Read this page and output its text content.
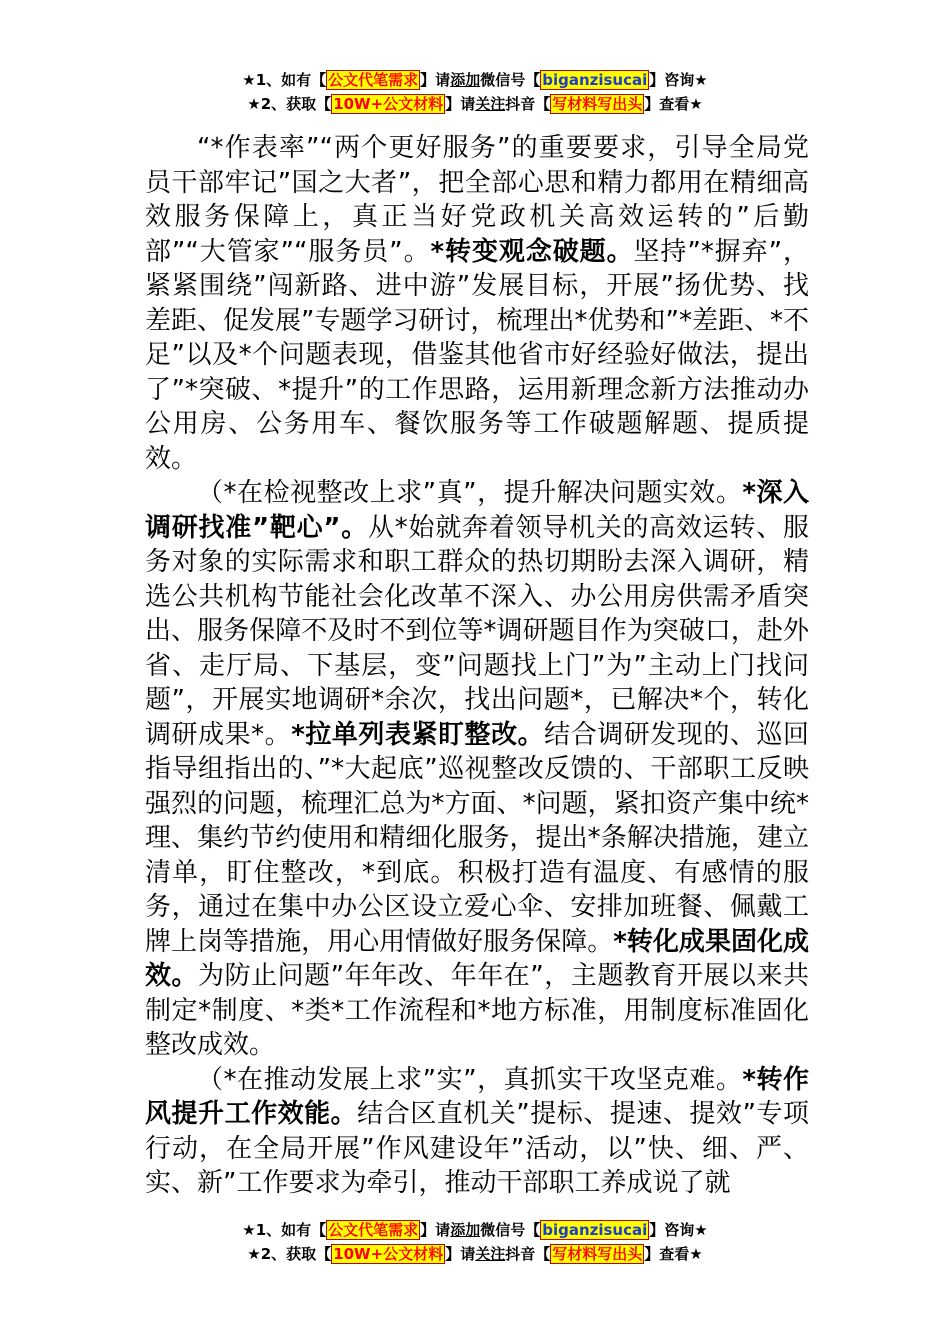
★1、如有【 公文代笔需求 】请添加微信号【 biganzisucai 】咨询★
★2、获取【 10W+公文材料 】请关注抖音【 写材料写出头 】查看★

“*作表率”“两个更好服务”的重要要求，引导全局党员干部牢记”国之大者”，把全部心思和精力都用在精细高效服务保障上，真正当好党政机关高效运转的”后勤部”“大管家”“服务员”。*转变观念破题。坚持”*摒弃”，紧紧围绕”闯新路、进中游”发展目标，开展”扬优势、找差距、促发展”专题学习研讨，梳理出*优势和”*差距、*不足”以及*个问题表现，借鉴其他省市好经验好做法，提出了”*突破、*提升”的工作思路，运用新理念新方法推动办公用房、公务用车、餐饮服务等工作破题解题、提质提效。

（*在检视整改上求”真”，提升解决问题实效。*深入调研找准”靶心”。从*始就奔着领导机关的高效运转、服务对象的实际需求和职工群众的热切期盼去深入调研，精选公共机构节能社会化改革不深入、办公用房供需矛盾突出、服务保障不及时不到位等*调研题目作为突破口，赴外省、走厅局、下基层，变”问题找上门”为”主动上门找问题”，开展实地调研*余次，找出问题*，已解决*个，转化调研成果*。*拉单列表紧盯整改。结合调研发现的、巡回指导组指出的、”*大起底”巡视整改反馈的、干部职工反映强烈的问题，梳理汇总为*方面、*问题，紧扣资产集中统*理、集约节约使用和精细化服务，提出*条解决措施，建立清单，盯住整改，*到底。积极打造有温度、有感情的服务，通过在集中办公区设立爱心伞、安排加班餐、佩戴工牌上岗等措施，用心用情做好服务保障。*转化成果固化成效。为防止问题”年年改、年年在”，主题教育开展以来共制定*制度、*类*工作流程和*地方标准，用制度标准固化整改成效。

（*在推动发展上求”实”，真抓实干攻坚克难。*转作风提升工作效能。结合区直机关”提标、提速、提效”专项行动，在全局开展”作风建设年”活动，以”快、细、严、实、新”工作要求为牵引，推动干部职工养成说了就

★1、如有【 公文代笔需求 】请添加微信号【 biganzisucai 】咨询★
★2、获取【 10W+公文材料 】请关注抖音【 写材料写出头 】查看★
